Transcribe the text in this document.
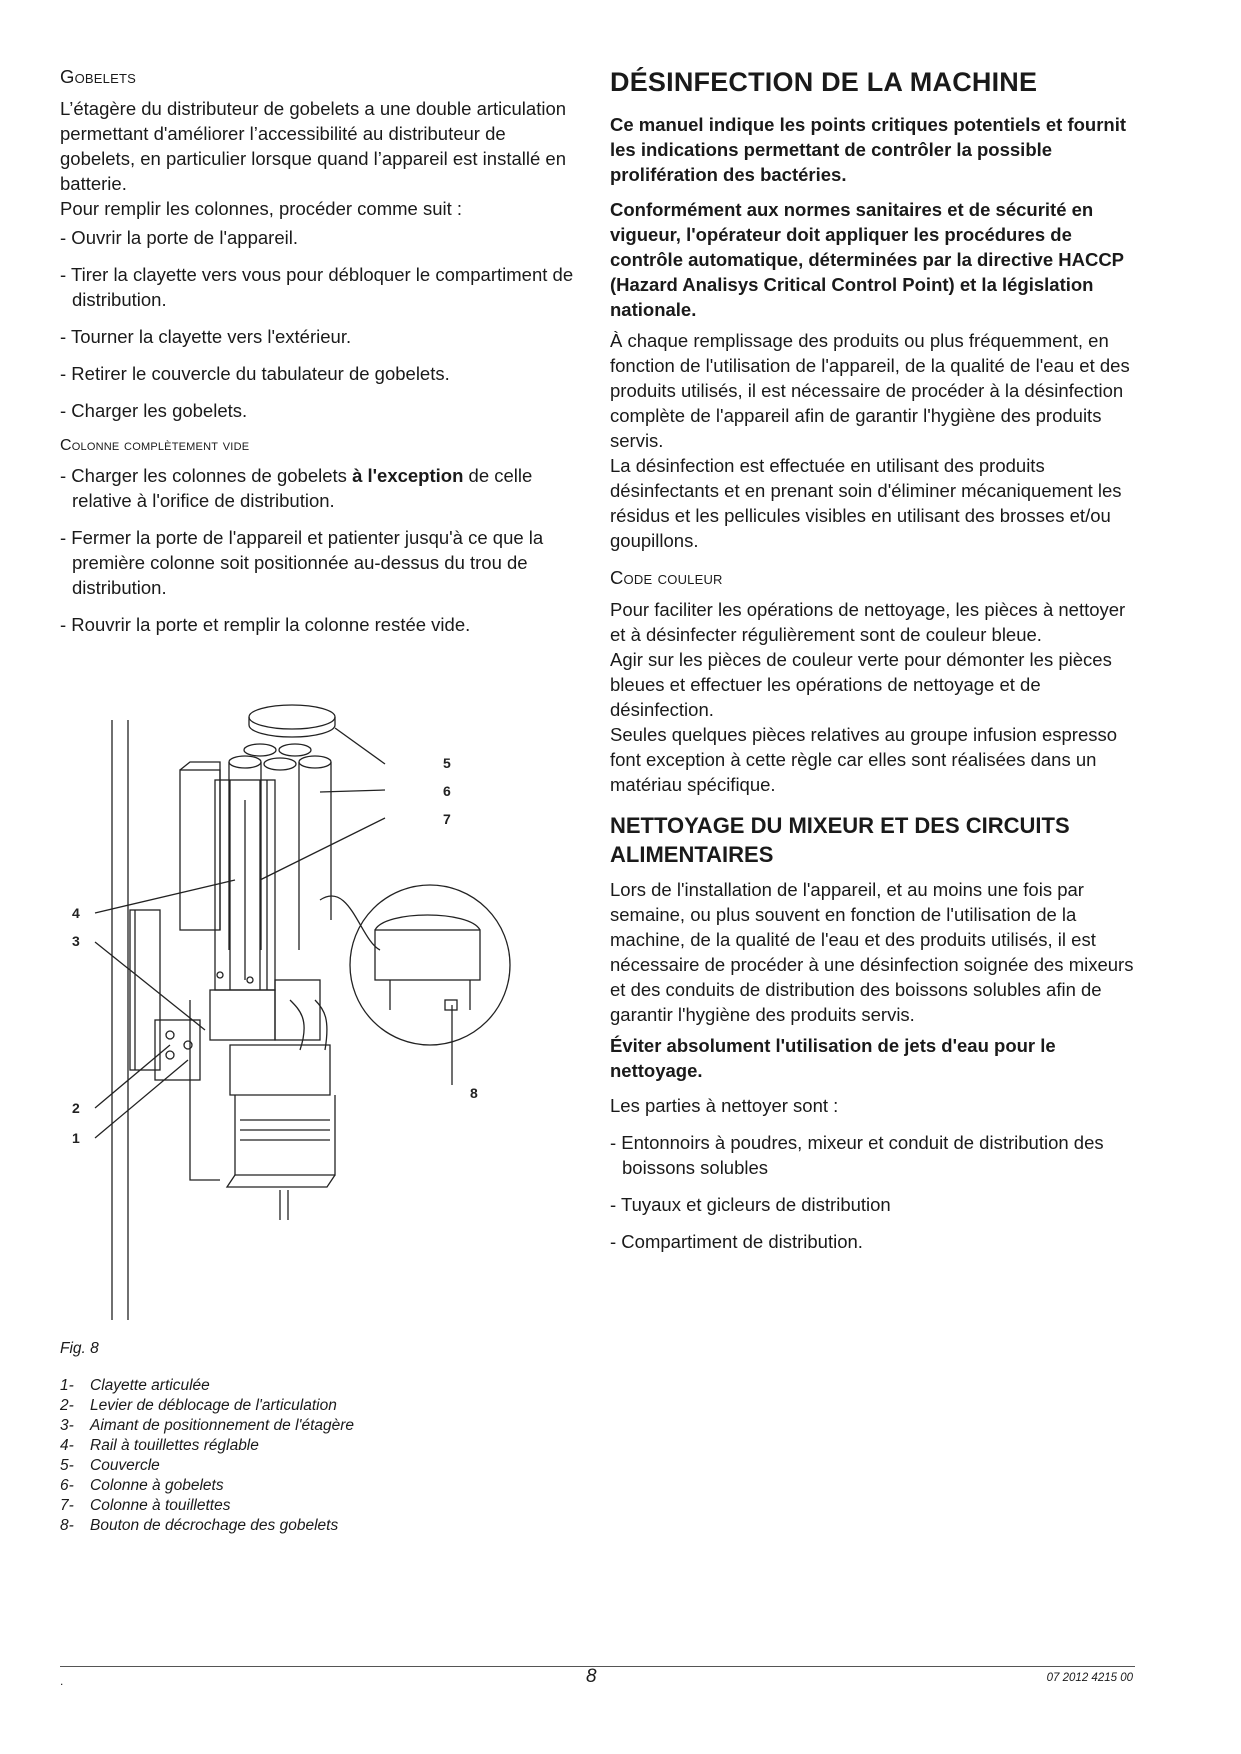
Gobelets

L’étagère du distributeur de gobelets a une double articulation permettant d'améliorer l’accessibilité au distributeur de gobelets, en particulier lorsque quand l’appareil est installé en batterie.

Pour remplir les colonnes, procéder comme suit :

- Ouvrir la porte de l'appareil.

- Tirer la clayette vers vous pour débloquer le compartiment de distribution.

- Tourner la clayette vers l'extérieur.

- Retirer le couvercle du tabulateur de gobelets.

- Charger les gobelets.

Colonne complètement vide

- Charger les colonnes de gobelets à l'exception de celle relative à l'orifice de distribution.

- Fermer la porte de l'appareil et patienter jusqu'à ce que la première colonne soit positionnée au-dessus du trou de distribution.

- Rouvrir la porte et remplir la colonne restée vide.

1
2
3
4
5
6
7
8
Fig. 8
1- Clayette articulée
2- Levier de déblocage de l'articulation
3- Aimant de positionnement de l'étagère
4- Rail à touillettes réglable
5- Couvercle
6- Colonne à gobelets
7- Colonne à touillettes
8- Bouton de décrochage des gobelets
DÉSINFECTION DE LA MACHINE

Ce manuel indique les points critiques potentiels et fournit les indications permettant de contrôler la possible prolifération des bactéries.

Conformément aux normes sanitaires et de sécurité en vigueur, l'opérateur doit appliquer les procédures de contrôle automatique, déterminées par la directive HACCP (Hazard Analisys Critical Control Point) et la législation nationale.

À chaque remplissage des produits ou plus fréquemment, en fonction de l'utilisation de l'appareil, de la qualité de l'eau et des produits utilisés, il est nécessaire de procéder à la désinfection complète de l'appareil afin de garantir l'hygiène des produits servis.

La désinfection est effectuée en utilisant des produits désinfectants et en prenant soin d'éliminer mécaniquement les résidus et les pellicules visibles en utilisant des brosses et/ou goupillons.

Code couleur

Pour faciliter les opérations de nettoyage, les pièces à nettoyer et à désinfecter régulièrement sont de couleur bleue.

Agir sur les pièces de couleur verte pour démonter les pièces bleues et effectuer les opérations de nettoyage et de désinfection.

Seules quelques pièces relatives au groupe infusion espresso font exception à cette règle car elles sont réalisées dans un matériau spécifique.

NETTOYAGE DU MIXEUR ET DES CIRCUITS ALIMENTAIRES

Lors de l'installation de l'appareil, et au moins une fois par semaine, ou plus souvent en fonction de l'utilisation de la machine, de la qualité de l'eau et des produits utilisés, il est nécessaire de procéder à une désinfection soignée des mixeurs et des conduits de distribution des boissons solubles afin de garantir l'hygiène des produits servis.

Éviter absolument l'utilisation de jets d'eau pour le nettoyage.

Les parties à nettoyer sont :

- Entonnoirs à poudres, mixeur et conduit de distribution des boissons solubles

- Tuyaux et gicleurs de distribution

- Compartiment de distribution.

.	8	07 2012 4215 00
